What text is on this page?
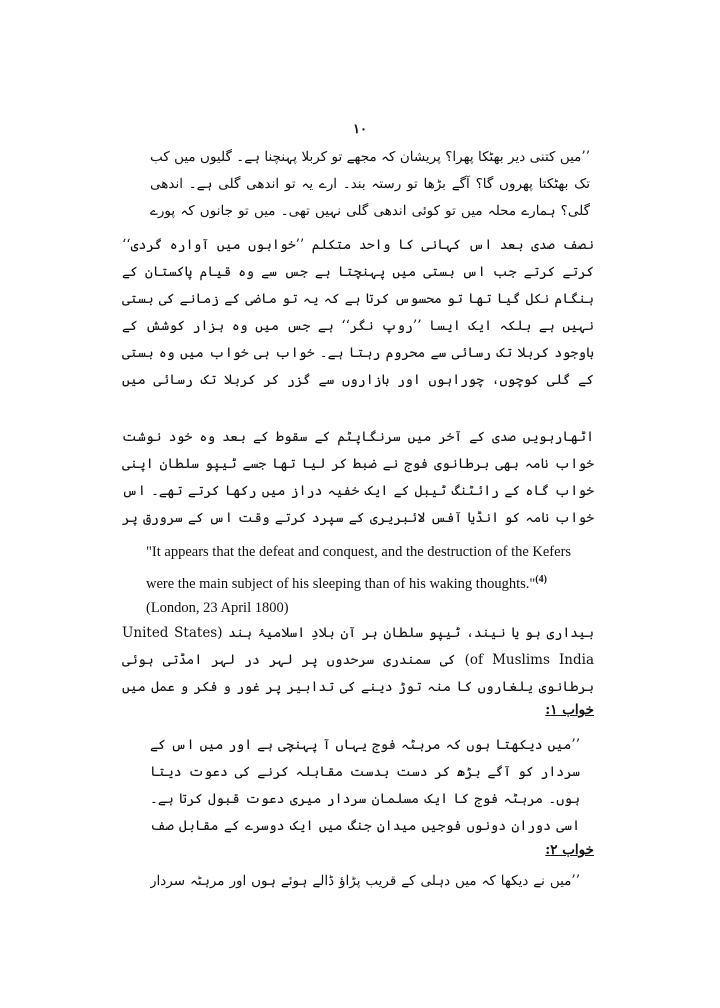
۱۰
’’میں کتنی دیر بھٹکا پھرا؟ پریشان کہ مجھے تو کربلا پہنچنا ہے۔ گلیوں میں کب تک بھٹکتا پھروں گا؟ آگے بڑھا تو رستہ بند۔ ارے یہ تو اندھی گلی ہے۔ اندھی گلی؟ ہمارے محلہ میں تو کوئی اندھی گلی نہیں تھی۔ میں تو جانوں کہ پورے
نصف صدی بعد اس کہانی کا واحد متکلم ’’خوابوں میں آوارہ گردی‘‘ کرتے کرتے جب اس بستی میں پہنچتا ہے جس سے وہ قیام پاکستان کے ہنگام نکل گیا تھا تو محسوس کرتا ہے کہ یہ تو ماضی کے زمانے کی بستی نہیں ہے بلکہ ایک ایسا ’’روپ نگر‘‘ ہے جس میں وہ ہزار کوشش کے باوجود کربلا تک رسائی سے محروم رہتا ہے۔ خواب ہی خواب میں وہ بستی کے گلی کوچوں، چوراہوں اور بازاروں سے گزر کر کربلا تک رسائی میں
اٹھارہویں صدی کے آخر میں سرنگاپٹم کے سقوط کے بعد وہ خود نوشت خواب نامہ بھی برطانوی فوج نے ضبط کر لیا تھا جسے ٹیپو سلطان اپنی خواب گاہ کے رائٹنگ ٹیبل کے ایک خفیہ دراز میں رکھا کرتے تھے۔ اس خواب نامہ کو انڈیا آفس لائبریری کے سپرد کرتے وقت اس کے سرورق پر
"It appears that the defeat and conquest, and the destruction of the Kefers were the main subject of his sleeping than of his waking thoughts."$^{(4)}$
(London, 23 April 1800)
بیداری ہو یا نیند، ٹیپو سلطان ہر آن بلادِ اسلامیۂ ہند (United States of Muslims India) کی سمندری سرحدوں پر لہر در لہر امڈتی ہوئی برطانوی یلغاروں کا منہ توڑ دینے کی تدابیر پر غور و فکر و عمل میں
خواب ۱:
’’میں دیکھتا ہوں کہ مرہٹہ فوج یہاں آ پہنچی ہے اور میں اس کے سردار کو آگے بڑھ کر دست بدست مقابلہ کرنے کی دعوت دیتا ہوں۔ مرہٹہ فوج کا ایک مسلمان سردار میری دعوت قبول کرتا ہے۔ اسی دوران دونوں فوجیں میدانِ جنگ میں ایک دوسرے کے مقابل صف
خواب ۲:
’’میں نے دیکھا کہ میں دہلی کے قریب پڑاؤ ڈالے ہوئے ہوں اور مرہٹہ سردار
